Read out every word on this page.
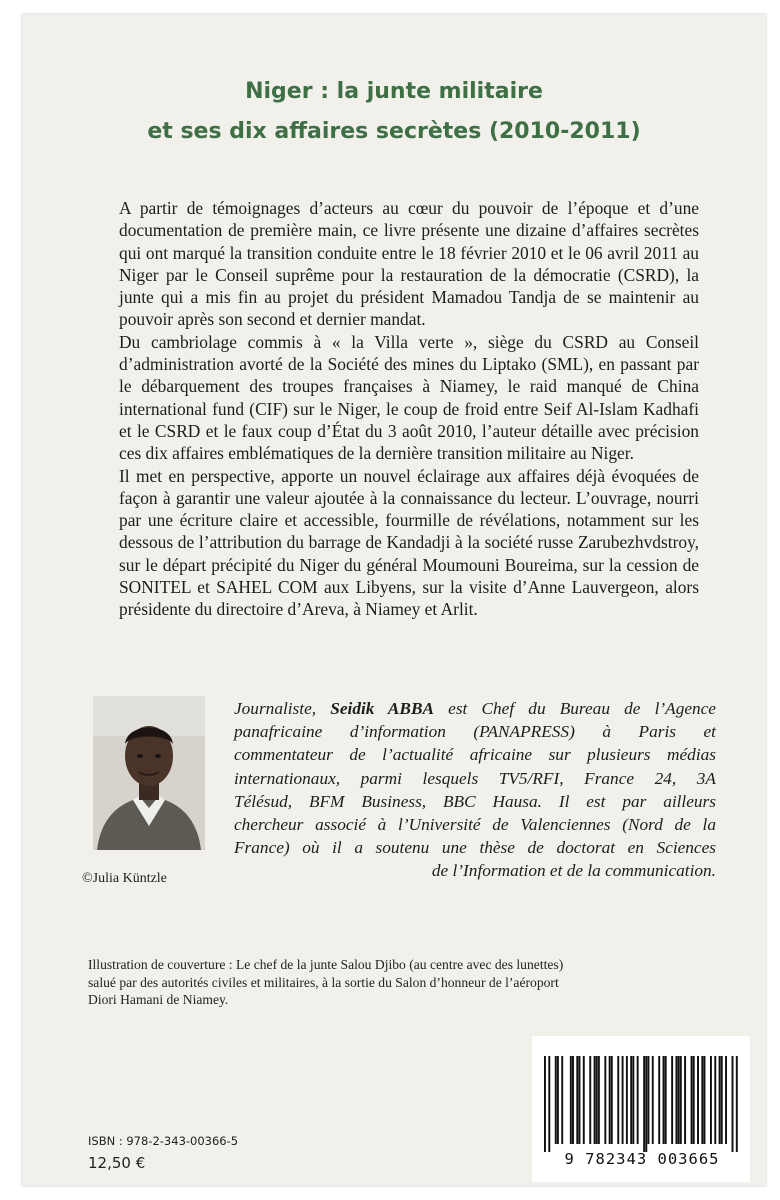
Niger : la junte militaire
et ses dix affaires secrètes (2010-2011)

A partir de témoignages d’acteurs au cœur du pouvoir de l’époque et d’une documentation de première main, ce livre présente une dizaine d’affaires secrètes qui ont marqué la transition conduite entre le 18 février 2010 et le 06 avril 2011 au Niger par le Conseil suprême pour la restauration de la démocratie (CSRD), la junte qui a mis fin au projet du président Mamadou Tandja de se maintenir au pouvoir après son second et dernier mandat.

Du cambriolage commis à « la Villa verte », siège du CSRD au Conseil d’administration avorté de la Société des mines du Liptako (SML), en passant par le débarquement des troupes françaises à Niamey, le raid manqué de China international fund (CIF) sur le Niger, le coup de froid entre Seif Al-Islam Kadhafi et le CSRD et le faux coup d’État du 3 août 2010, l’auteur détaille avec précision ces dix affaires emblématiques de la dernière transition militaire au Niger.

Il met en perspective, apporte un nouvel éclairage aux affaires déjà évoquées de façon à garantir une valeur ajoutée à la connaissance du lecteur. L’ouvrage, nourri par une écriture claire et accessible, fourmille de révélations, notamment sur les dessous de l’attribution du barrage de Kandadji à la société russe Zarubezhvdstroy, sur le départ précipité du Niger du général Moumouni Boureima, sur la cession de SONITEL et SAHEL COM aux Libyens, sur la visite d’Anne Lauvergeon, alors présidente du directoire d’Areva, à Niamey et Arlit.

©Julia Küntzle
Journaliste, Seidik ABBA est Chef du Bureau de l’Agence
panafricaine d’information (PANAPRESS) à Paris et
commentateur de l’actualité africaine sur plusieurs médias
internationaux, parmi lesquels TV5/RFI, France 24, 3A
Télésud, BFM Business, BBC Hausa. Il est par ailleurs
chercheur associé à l’Université de Valenciennes (Nord de la
France) où il a soutenu une thèse de doctorat en Sciences
de l’Information et de la communication.
Illustration de couverture : Le chef de la junte Salou Djibo (au centre avec des lunettes)
salué par des autorités civiles et militaires, à la sortie du Salon d’honneur de l’aéroport
Diori Hamani de Niamey.
ISBN : 978-2-343-00366-5
12,50 €	9 782343 003665
